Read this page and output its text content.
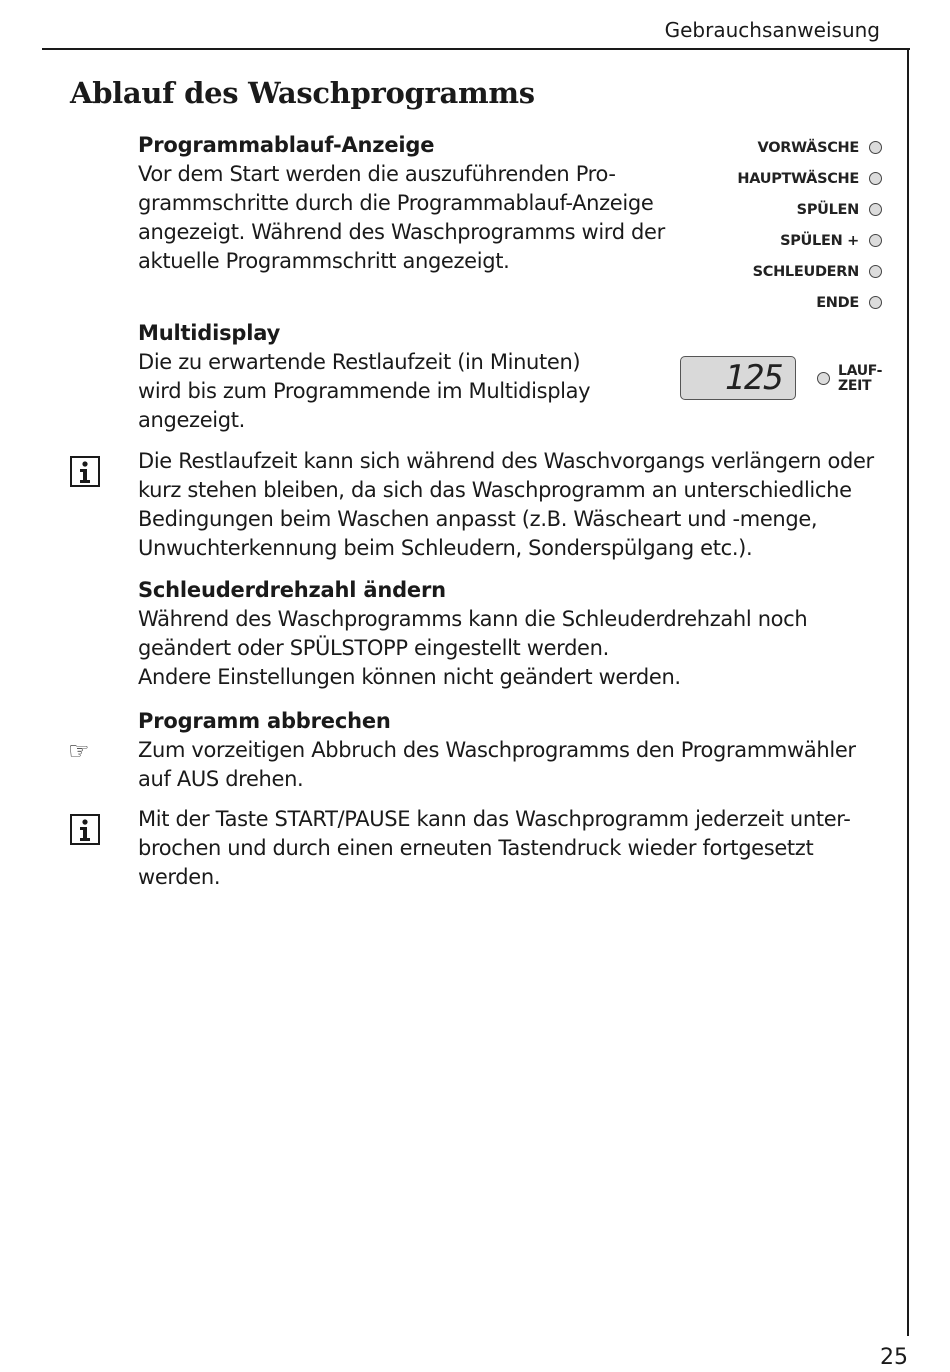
Gebrauchsanweisung
Ablauf des Waschprogramms
Programmablauf-Anzeige

Vor dem Start werden die auszuführenden Pro-

grammschritte durch die Programmablauf-Anzeige

angezeigt. Während des Waschprogramms wird der

aktuelle Programmschritt angezeigt.

VORWÄSCHE
HAUPTWÄSCHE
SPÜLEN
SPÜLEN +
SCHLEUDERN
ENDE
Multidisplay

Die zu erwartende Restlaufzeit (in Minuten)

wird bis zum Programmende im Multidisplay

angezeigt.

125	LAUF-
ZEIT

Die Restlaufzeit kann sich während des Waschvorgangs verlängern oder

kurz stehen bleiben, da sich das Waschprogramm an unterschiedliche

Bedingungen beim Waschen anpasst (z.B. Wäscheart und -menge,

Unwuchterkennung beim Schleudern, Sonderspülgang etc.).

Schleuderdrehzahl ändern

Während des Waschprogramms kann die Schleuderdrehzahl noch

geändert oder SPÜLSTOPP eingestellt werden.

Andere Einstellungen können nicht geändert werden.

Programm abbrechen

Zum vorzeitigen Abbruch des Waschprogramms den Programmwähler

auf AUS drehen.

☞

Mit der Taste START/PAUSE kann das Waschprogramm jederzeit unter-

brochen und durch einen erneuten Tastendruck wieder fortgesetzt

werden.

25
